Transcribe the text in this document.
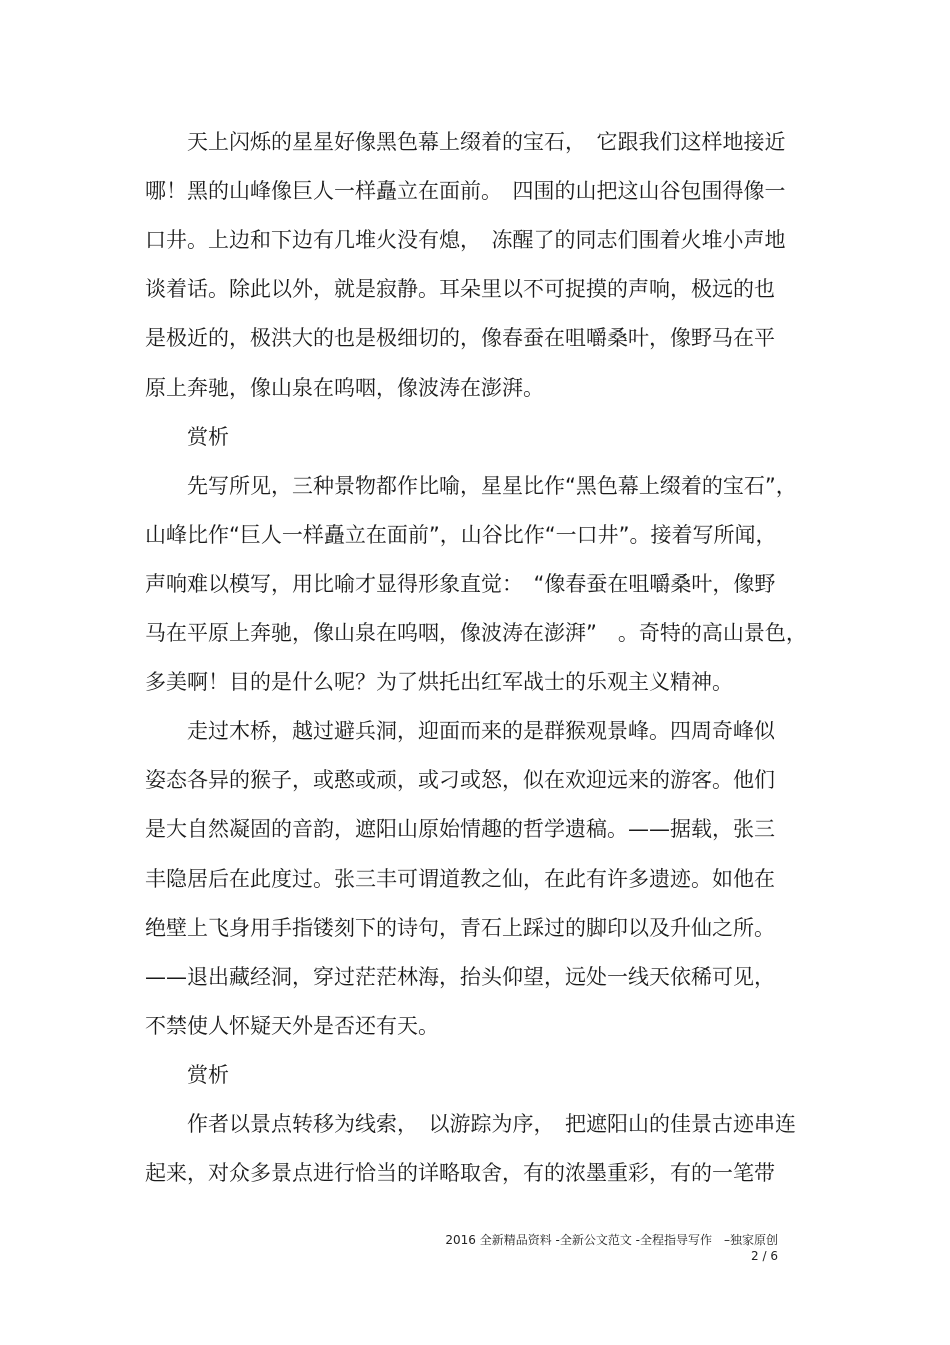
　　天上闪烁的星星好像黑色幕上缀着的宝石，　它跟我们这样地接近
哪！黑的山峰像巨人一样矗立在面前。　四围的山把这山谷包围得像一
口井。上边和下边有几堆火没有熄，　冻醒了的同志们围着火堆小声地
谈着话。除此以外，就是寂静。耳朵里以不可捉摸的声响，极远的也
是极近的，极洪大的也是极细切的，像春蚕在咀嚼桑叶，像野马在平
原上奔驰，像山泉在呜咽，像波涛在澎湃。
　　赏析
　　先写所见，三种景物都作比喻，星星比作“黑色幕上缀着的宝石”，
山峰比作“巨人一样矗立在面前”，山谷比作“一口井”。接着写所闻，
声响难以模写，用比喻才显得形象直觉：　“像春蚕在咀嚼桑叶，像野
马在平原上奔驰，像山泉在呜咽，像波涛在澎湃”　。奇特的高山景色，
多美啊！目的是什么呢？为了烘托出红军战士的乐观主义精神。
　　走过木桥，越过避兵洞，迎面而来的是群猴观景峰。四周奇峰似
姿态各异的猴子，或憨或顽，或刁或怒，似在欢迎远来的游客。他们
是大自然凝固的音韵，遮阳山原始情趣的哲学遗稿。——据载，张三
丰隐居后在此度过。张三丰可谓道教之仙，在此有许多遗迹。如他在
绝壁上飞身用手指镂刻下的诗句，青石上踩过的脚印以及升仙之所。
——退出藏经洞，穿过茫茫林海，抬头仰望，远处一线天依稀可见，
不禁使人怀疑天外是否还有天。
　　赏析
　　作者以景点转移为线索，　以游踪为序，　把遮阳山的佳景古迹串连
起来，对众多景点进行恰当的详略取舍，有的浓墨重彩，有的一笔带
2016 全新精品资料 -全新公文范文 -全程指导写作　–独家原创
2 / 6
